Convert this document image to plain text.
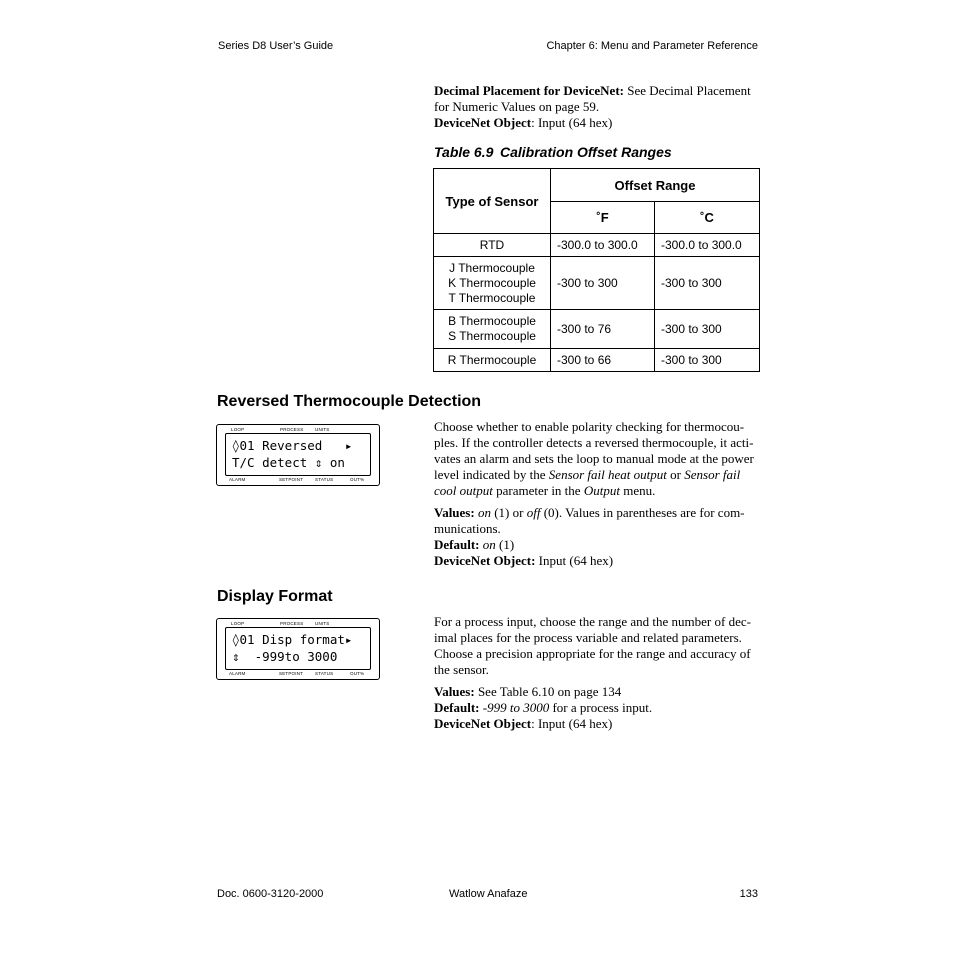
Series D8 User’s Guide	Chapter 6: Menu and Parameter Reference

Decimal Placement for DeviceNet: See Decimal Placement for Numeric Values on page 59.
DeviceNet Object: Input (64 hex)

Table 6.9 Calibration Offset Ranges
Type of Sensor	Offset Range	
	˚F	˚C
RTD	-300.0 to 300.0	-300.0 to 300.0
J Thermocouple
K Thermocouple
T Thermocouple	-300 to 300	-300 to 300
B Thermocouple
S Thermocouple	-300 to 76	-300 to 300
R Thermocouple	-300 to 66	-300 to 300
Reversed Thermocouple Detection
LOOP	PROCESS	UNITS
◊01 Reversed   ▸
T/C detect ⇕ on
ALARM	SETPOINT	STATUS	OUT%

Choose whether to enable polarity checking for thermocou-ples. If the controller detects a reversed thermocouple, it acti-vates an alarm and sets the loop to manual mode at the power level indicated by the Sensor fail heat output or Sensor fail cool output parameter in the Output menu.

Values: on (1) or off (0). Values in parentheses are for com-munications.
Default: on (1)
DeviceNet Object: Input (64 hex)

Display Format
LOOP	PROCESS	UNITS
◊01 Disp format▸
⇕  -999to 3000
ALARM	SETPOINT	STATUS	OUT%

For a process input, choose the range and the number of dec-imal places for the process variable and related parameters. Choose a precision appropriate for the range and accuracy of the sensor.

Values: See Table 6.10 on page 134
Default: -999 to 3000 for a process input.
DeviceNet Object: Input (64 hex)

Doc. 0600-3120-2000	Watlow Anafaze	133
